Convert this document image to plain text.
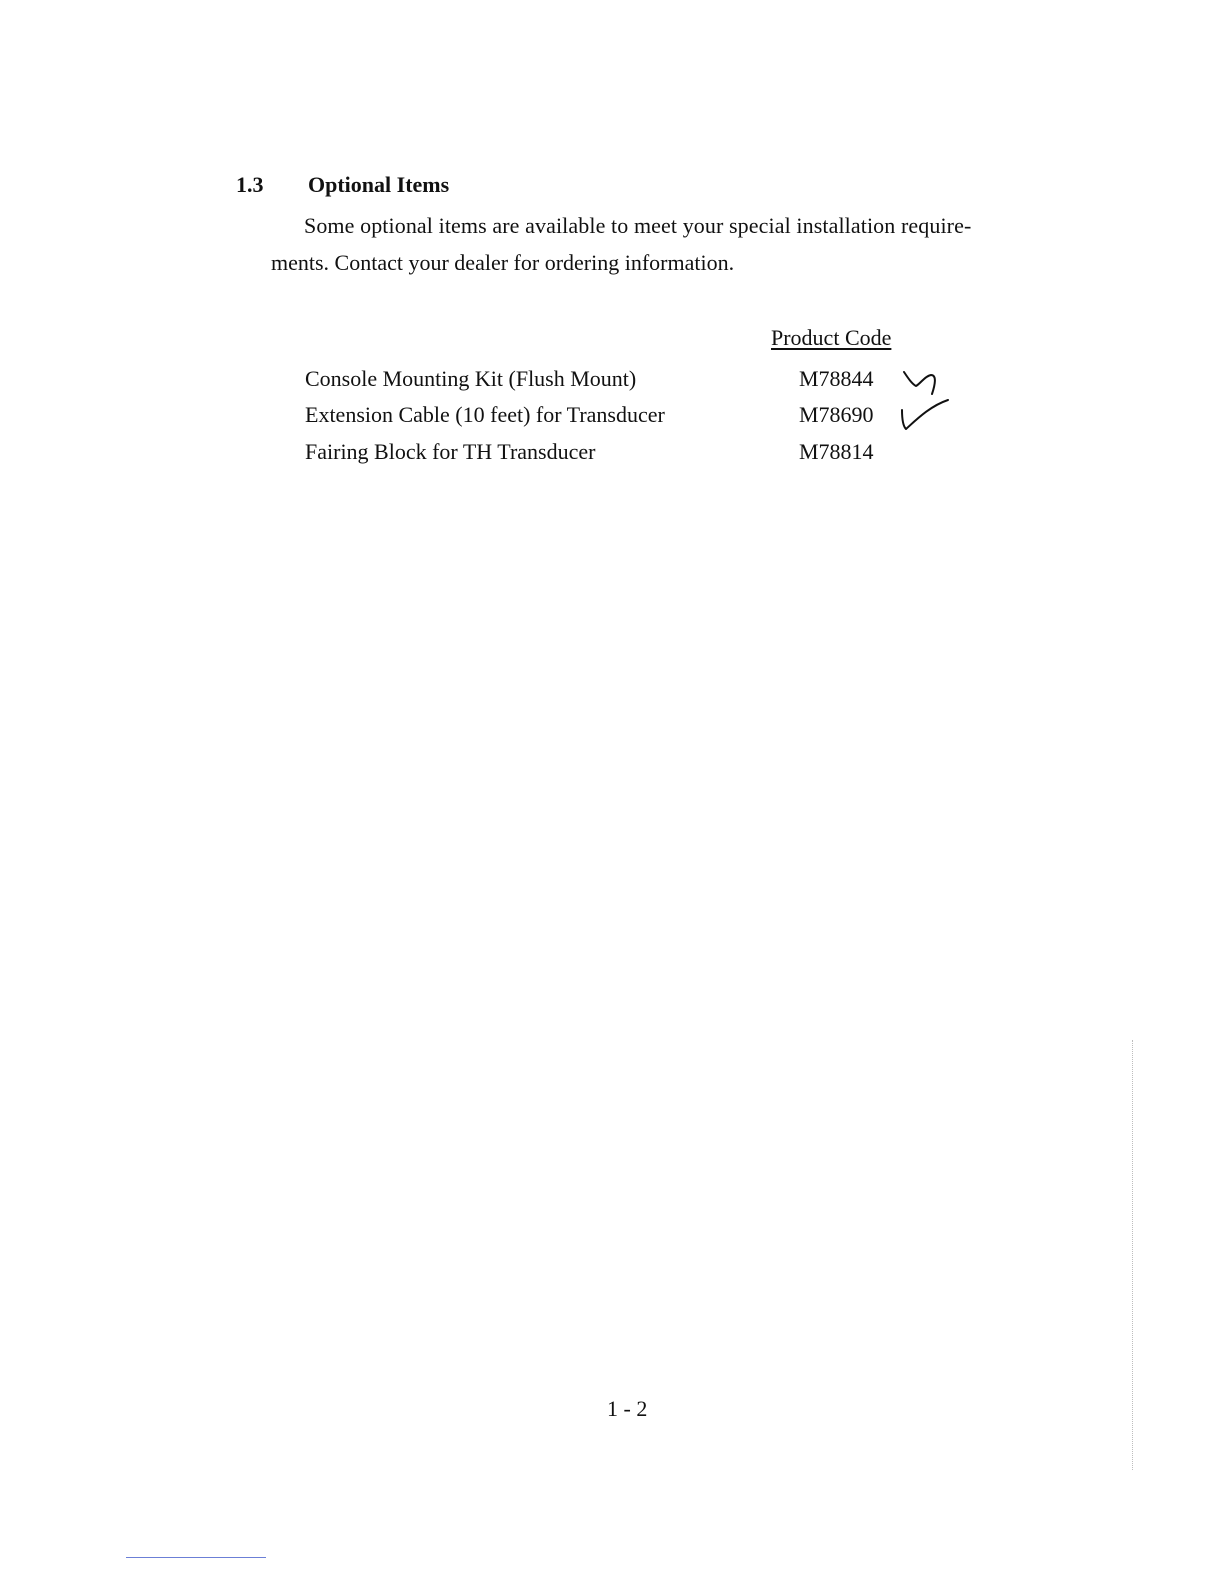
1.3 Optional Items
Some optional items are available to meet your special installation require-
ments. Contact your dealer for ordering information.
Product Code
Console Mounting Kit (Flush Mount)	M78844
Extension Cable (10 feet) for Transducer	M78690
Fairing Block for TH Transducer	M78814
1 - 2
